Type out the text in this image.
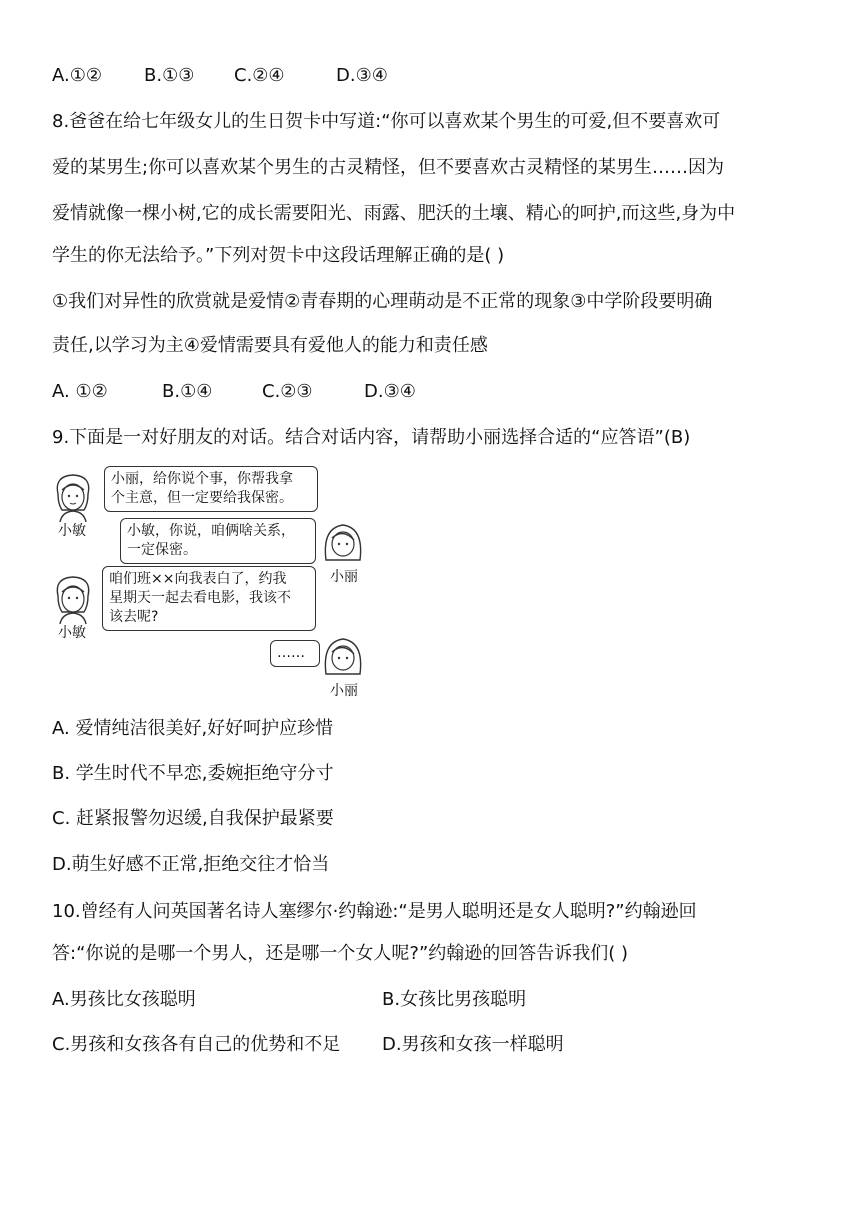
A.①② B.①③ C.②④	D.③④
8.爸爸在给七年级女儿的生日贺卡中写道:“你可以喜欢某个男生的可爱,但不要喜欢可
爱的某男生;你可以喜欢某个男生的古灵精怪，但不要喜欢古灵精怪的某男生……因为
爱情就像一棵小树,它的成长需要阳光、雨露、肥沃的土壤、精心的呵护,而这些,身为中
学生的你无法给予。”下列对贺卡中这段话理解正确的是( )
①我们对异性的欣赏就是爱情②青春期的心理萌动是不正常的现象③中学阶段要明确
责任,以学习为主④爱情需要具有爱他人的能力和责任感
A. ①②	B.①④	C.②③	D.③④
9.下面是一对好朋友的对话。结合对话内容，请帮助小丽选择合适的“应答语”(B)
小敏
小丽，给你说个事，你帮我拿
个主意，但一定要给我保密。
小丽
小敏，你说，咱俩啥关系，
一定保密。
小敏
咱们班××向我表白了，约我
星期天一起去看电影，我该不
该去呢?
小丽
……
A. 爱情纯洁很美好,好好呵护应珍惜
B. 学生时代不早恋,委婉拒绝守分寸
C. 赶紧报警勿迟缓,自我保护最紧要
D.萌生好感不正常,拒绝交往才恰当
10.曾经有人问英国著名诗人塞缪尔·约翰逊:“是男人聪明还是女人聪明?”约翰逊回
答:“你说的是哪一个男人，还是哪一个女人呢?”约翰逊的回答告诉我们( )
A.男孩比女孩聪明	B.女孩比男孩聪明
C.男孩和女孩各有自己的优势和不足 D.男孩和女孩一样聪明
